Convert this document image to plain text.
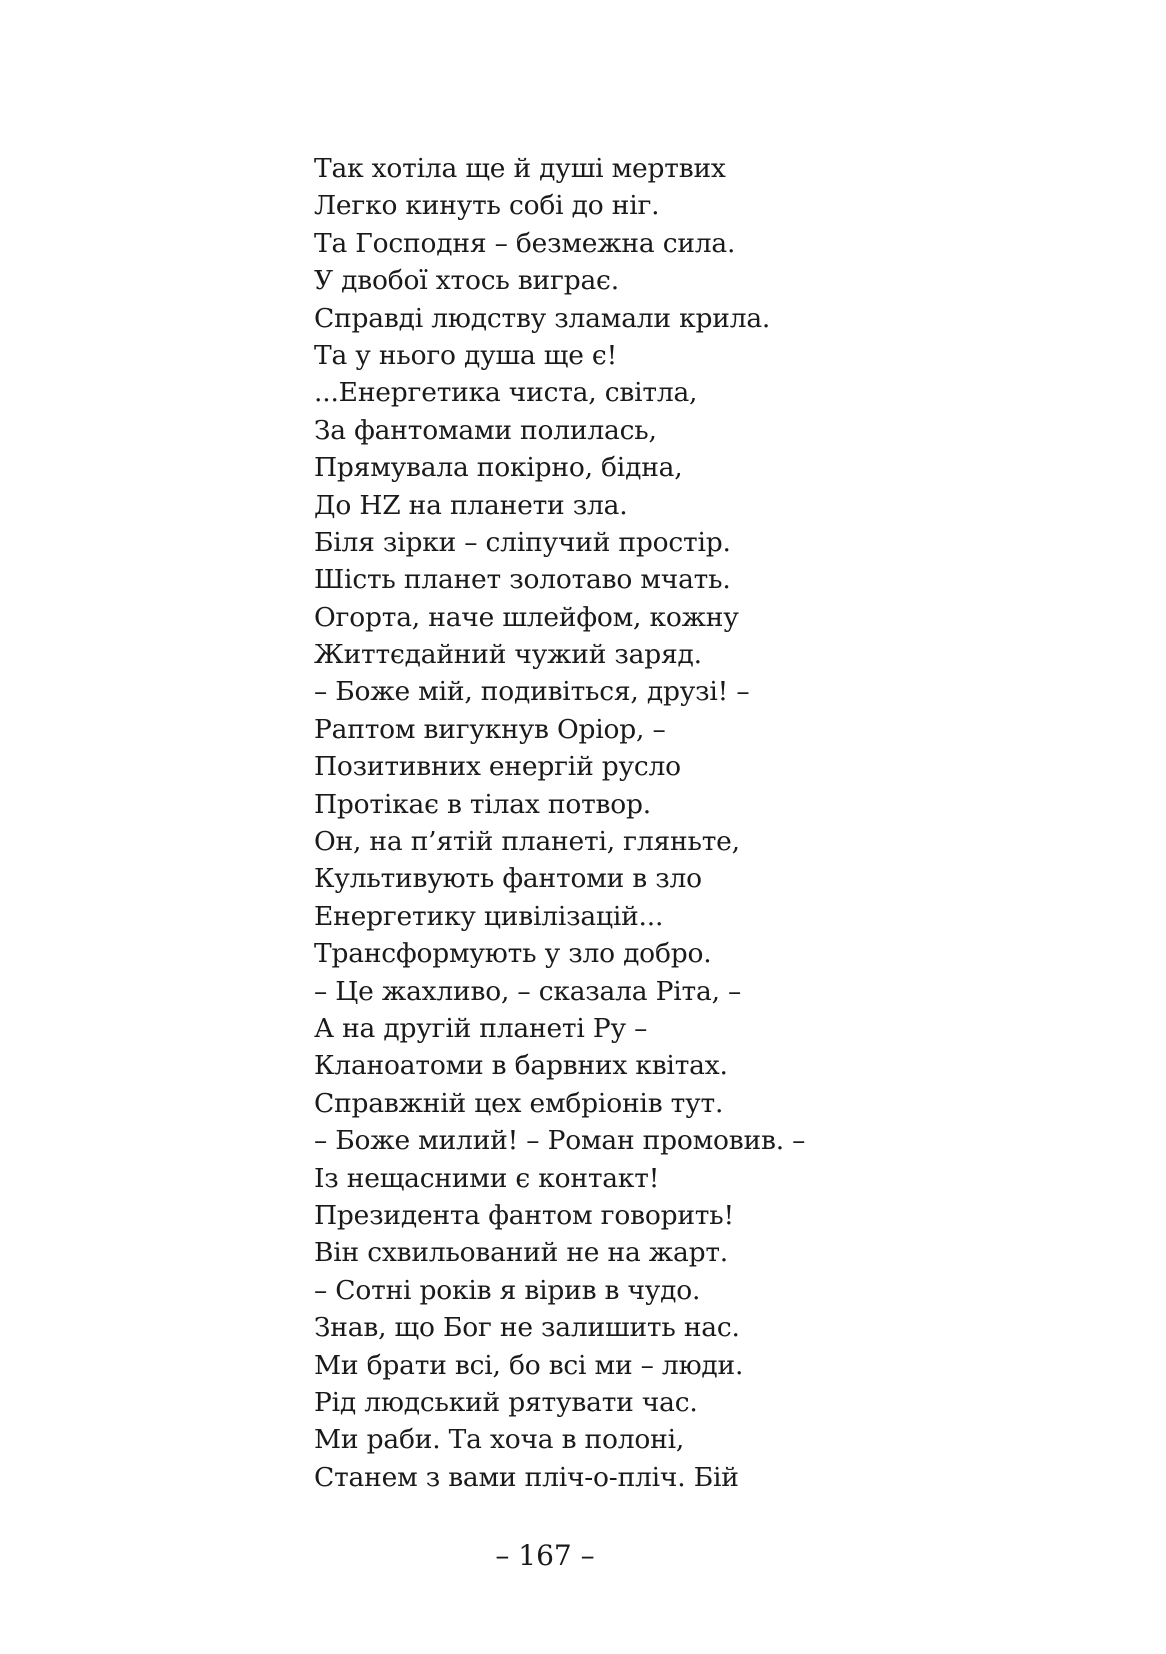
Так хотіла ще й душі мертвих
Легко кинуть собі до ніг.
Та Господня – безмежна сила.
У двобої хтось виграє.
Справді людству зламали крила.
Та у нього душа ще є!
...Енергетика чиста, світла,
За фантомами полилась,
Прямувала покірно, бідна,
До HZ на планети зла.
Біля зірки – сліпучий простір.
Шість планет золотаво мчать.
Огорта, наче шлейфом, кожну
Життєдайний чужий заряд.
– Боже мій, подивіться, друзі! –
Раптом вигукнув Оріор, –
Позитивних енергій русло
Протікає в тілах потвор.
Он, на п’ятій планеті, гляньте,
Культивують фантоми в зло
Енергетику цивілізацій...
Трансформують у зло добро.
– Це жахливо, – сказала Ріта, –
А на другій планеті Ру –
Кланоатоми в барвних квітах.
Справжній цех ембріонів тут.
– Боже милий! – Роман промовив. –
Із нещасними є контакт!
Президента фантом говорить!
Він схвильований не на жарт.
– Сотні років я вірив в чудо.
Знав, що Бог не залишить нас.
Ми брати всі, бо всі ми – люди.
Рід людський рятувати час.
Ми раби. Та хоча в полоні,
Станем з вами пліч-о-пліч. Бій
– 167 –
